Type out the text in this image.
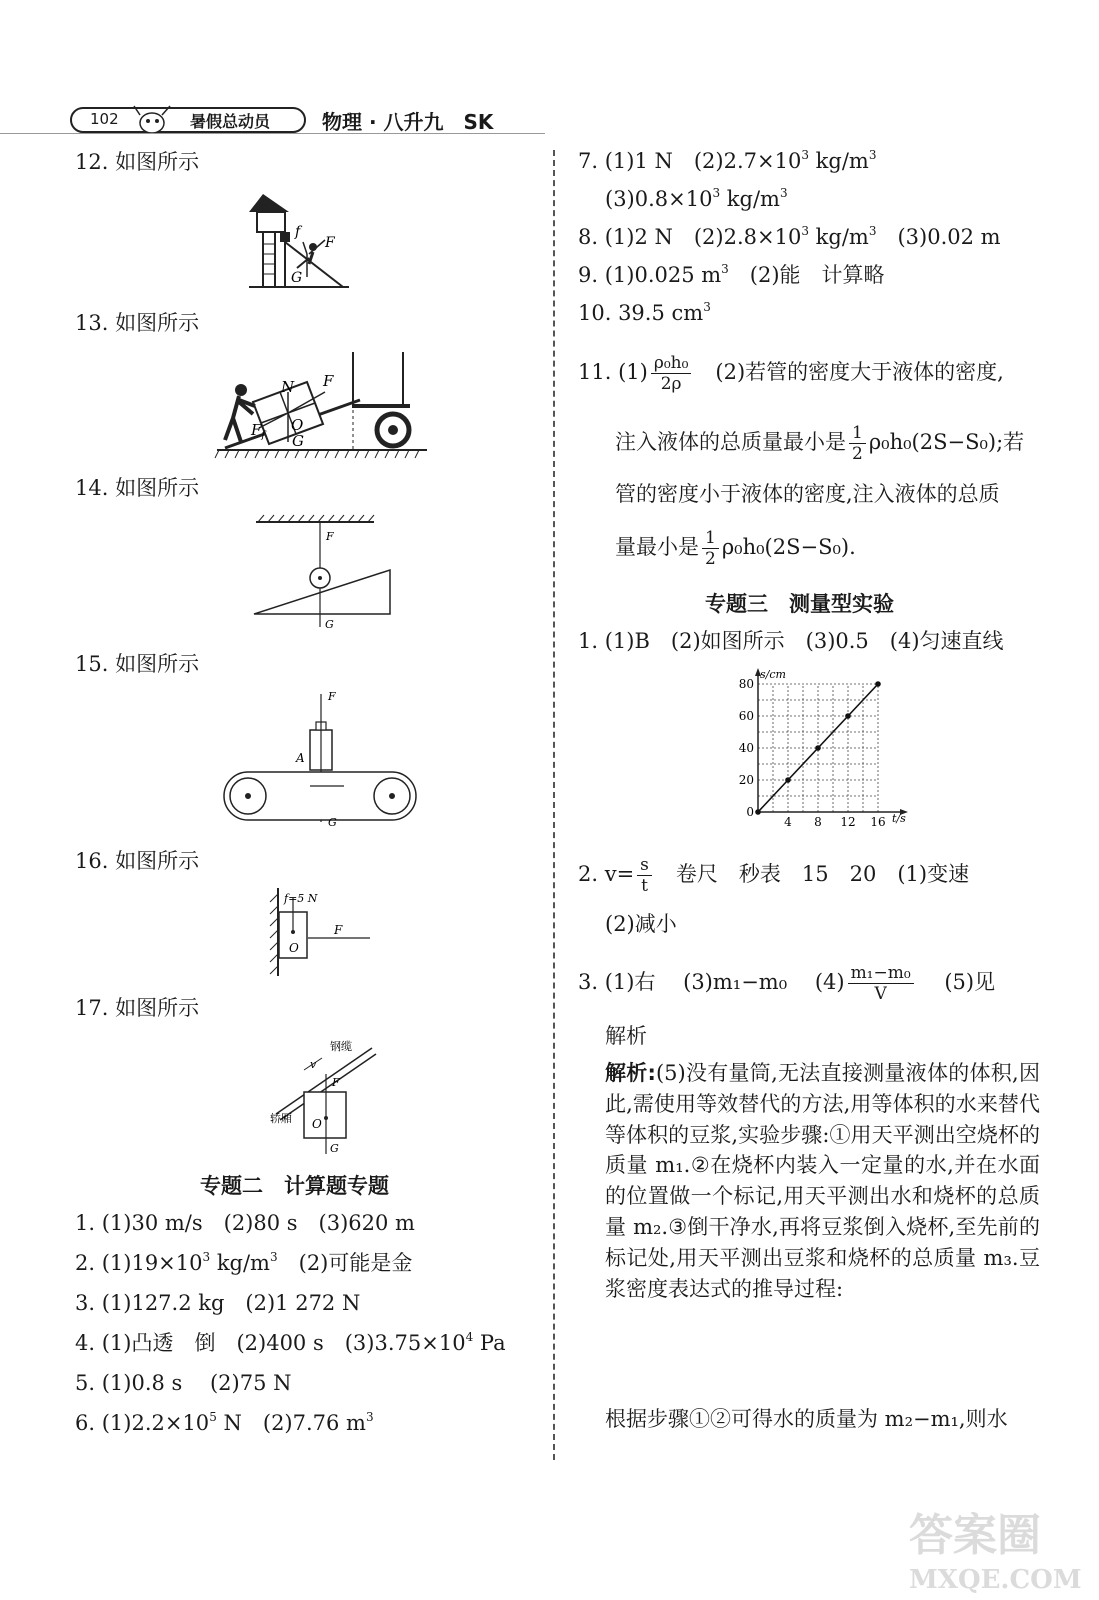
102	暑假总动员	物理 · 八升九　 SK
12. 如图所示
f
F
G
13. 如图所示
N F
O
$F_f$ G
14. 如图所示
F
G
15. 如图所示
F
A
G
16. 如图所示
f=5 N
F
O
17. 如图所示
钢缆
v
F
轿厢 O
G
专题二　计算题专题
1. (1)30 m/s　(2)80 s　(3)620 m
2. $(1)19\times 10^3$ $kg/m^3$　(2)可能是金
3. (1)127.2 kg　(2)1 272 N
4. (1)凸透　倒　(2)400 s　$(3)3.75\times 10^4$ Pa
5. (1)0.8 s　 (2)75 N
6. $(1)2.2\times 10^5$ N　(2)7.76 $m^3$
7. (1)1 N　$(2)2.7\times 10^3$ $kg/m^3$
$(3)0.8\times 10^3$ $kg/m^3$
8. (1)2 N　$(2)2.8\times 10^3$ $kg/m^3$　(3)0.02 m
9. (1)0.025 $m^3$　(2)能　计算略
10. 39.5 $cm^3$
11. $(1) \frac{\text{ρ₀h₀}}{2\rho}$ 　(2)若管的密度大于液体的密度,
注入液体的总质量最小是 $\frac{1}{2} \rho_0h_0(2S-S_0)$;若
管的密度小于液体的密度,注入液体的总质
量最小是 $\frac{1}{2} \rho_0h_0(2S-S_0)$.
专题三　测量型实验
1. (1)B　(2)如图所示　(3)0.5　(4)匀速直线
4 8 12 16
0
20
40
60
80
s/cm
t/s
2. $v= \frac{s}{t}$ 　卷尺　秒表　15　20　(1)变速
(2)减小
3. (1)右　 (3)m₁−m₀　 $(4) \frac{\text{m₁−m₀}}{V}$ 　 (5)见
解析
解析:(5)没有量筒,无法直接测量液体的体积,因此,需使用等效替代的方法,用等体积的水来替代等体积的豆浆,实验步骤:①用天平测出空烧杯的质量 m₁.②在烧杯内装入一定量的水,并在水面的位置做一个标记,用天平测出水和烧杯的总质量 m₂.③倒干净水,再将豆浆倒入烧杯,至先前的标记处,用天平测出豆浆和烧杯的总质量 m₃.豆浆密度表达式的推导过程:
根据步骤①②可得水的质量为 m₂−m₁,则水
答案圈
MXQE.COM
